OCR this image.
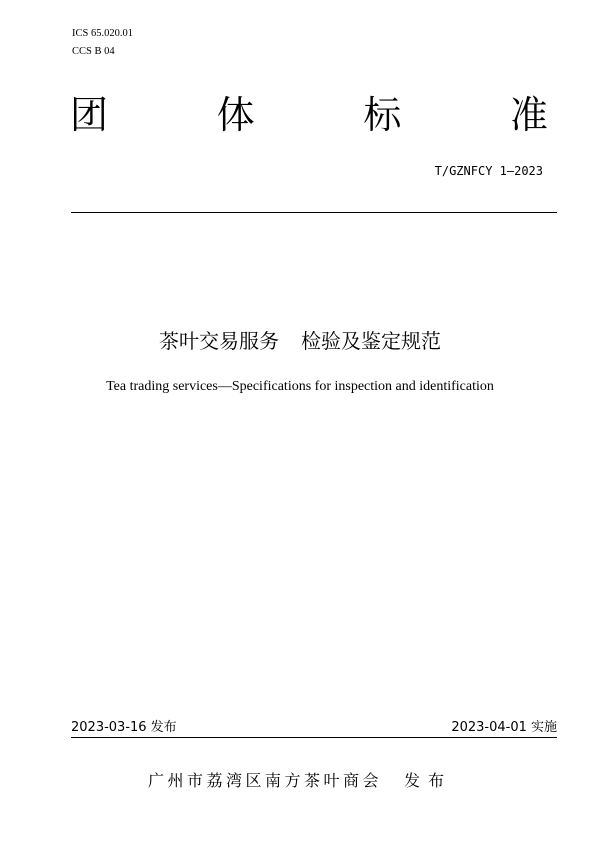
ICS 65.020.01
CCS B 04
团	体	标	准
T/GZNFCY 1—2023
茶叶交易服务 检验及鉴定规范
Tea trading services—Specifications for inspection and identification
2023-03-16 发布	2023-04-01 实施
广州市荔湾区南方茶叶商会 发布
